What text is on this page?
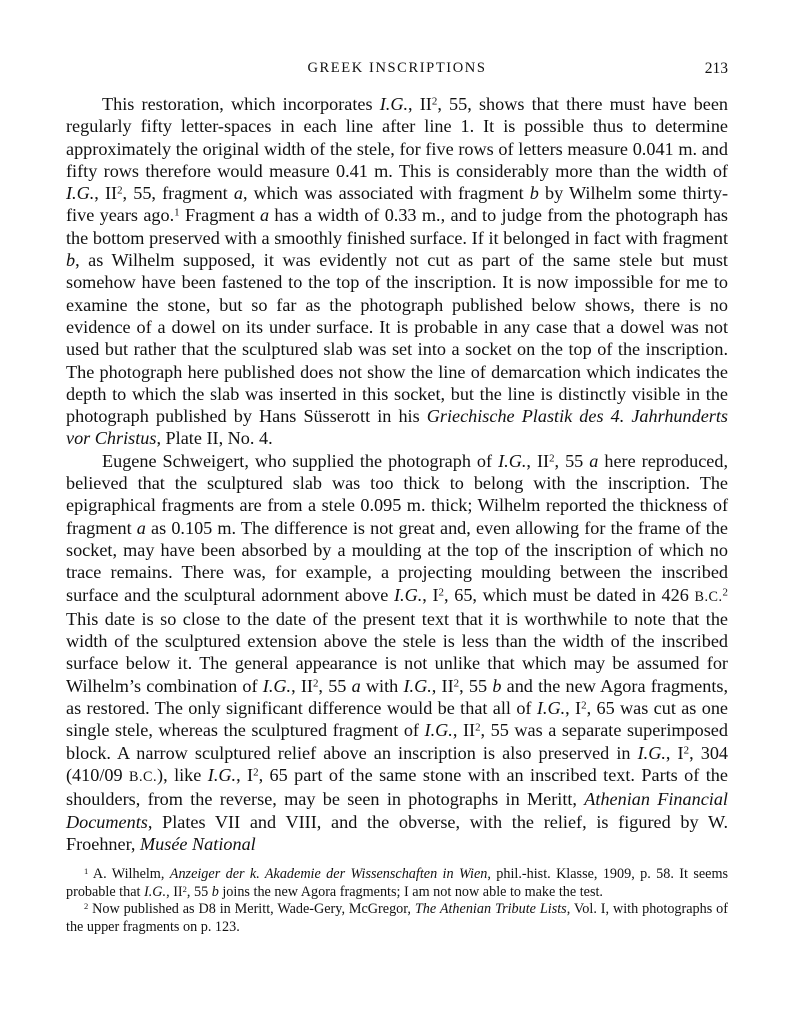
GREEK INSCRIPTIONS	213

This restoration, which incorporates I.G., $II^2$, 55, shows that there must have been regularly fifty letter-spaces in each line after line 1. It is possible thus to determine approximately the original width of the stele, for five rows of letters measure 0.041 m. and fifty rows therefore would measure 0.41 m. This is considerably more than the width of I.G., $II^2$, 55, fragment a, which was associated with fragment b by Wilhelm some thirty-five years ago.$^1$ Fragment a has a width of 0.33 m., and to judge from the photograph has the bottom preserved with a smoothly finished surface. If it belonged in fact with fragment b, as Wilhelm supposed, it was evidently not cut as part of the same stele but must somehow have been fastened to the top of the inscription. It is now impossible for me to examine the stone, but so far as the photograph published below shows, there is no evidence of a dowel on its under surface. It is probable in any case that a dowel was not used but rather that the sculptured slab was set into a socket on the top of the inscription. The photograph here published does not show the line of demarcation which indicates the depth to which the slab was inserted in this socket, but the line is distinctly visible in the photograph published by Hans Süsserott in his Griechische Plastik des 4. Jahrhunderts vor Christus, Plate II, No. 4.

Eugene Schweigert, who supplied the photograph of I.G., $II^2$, 55 a here reproduced, believed that the sculptured slab was too thick to belong with the inscription. The epigraphical fragments are from a stele 0.095 m. thick; Wilhelm reported the thickness of fragment a as 0.105 m. The difference is not great and, even allowing for the frame of the socket, may have been absorbed by a moulding at the top of the inscription of which no trace remains. There was, for example, a projecting moulding between the inscribed surface and the sculptural adornment above I.G., $I^2$, 65, which must be dated in 426 B.C.$^2$ This date is so close to the date of the present text that it is worthwhile to note that the width of the sculptured extension above the stele is less than the width of the inscribed surface below it. The general appearance is not unlike that which may be assumed for Wilhelm’s combination of I.G., $II^2$, 55 a with I.G., $II^2$, 55 b and the new Agora fragments, as restored. The only significant difference would be that all of I.G., $I^2$, 65 was cut as one single stele, whereas the sculptured fragment of I.G., $II^2$, 55 was a separate superimposed block. A narrow sculptured relief above an inscription is also preserved in I.G., $I^2$, 304 (410/09 B.C.), like I.G., $I^2$, 65 part of the same stone with an inscribed text. Parts of the shoulders, from the reverse, may be seen in photographs in Meritt, Athenian Financial Documents, Plates VII and VIII, and the obverse, with the relief, is figured by W. Froehner, Musée National

$^1$ A. Wilhelm, Anzeiger der k. Akademie der Wissenschaften in Wien, phil.-hist. Klasse, 1909, p. 58. It seems probable that I.G., $II^2$, 55 b joins the new Agora fragments; I am not now able to make the test.

$^2$ Now published as D8 in Meritt, Wade-Gery, McGregor, The Athenian Tribute Lists, Vol. I, with photographs of the upper fragments on p. 123.
